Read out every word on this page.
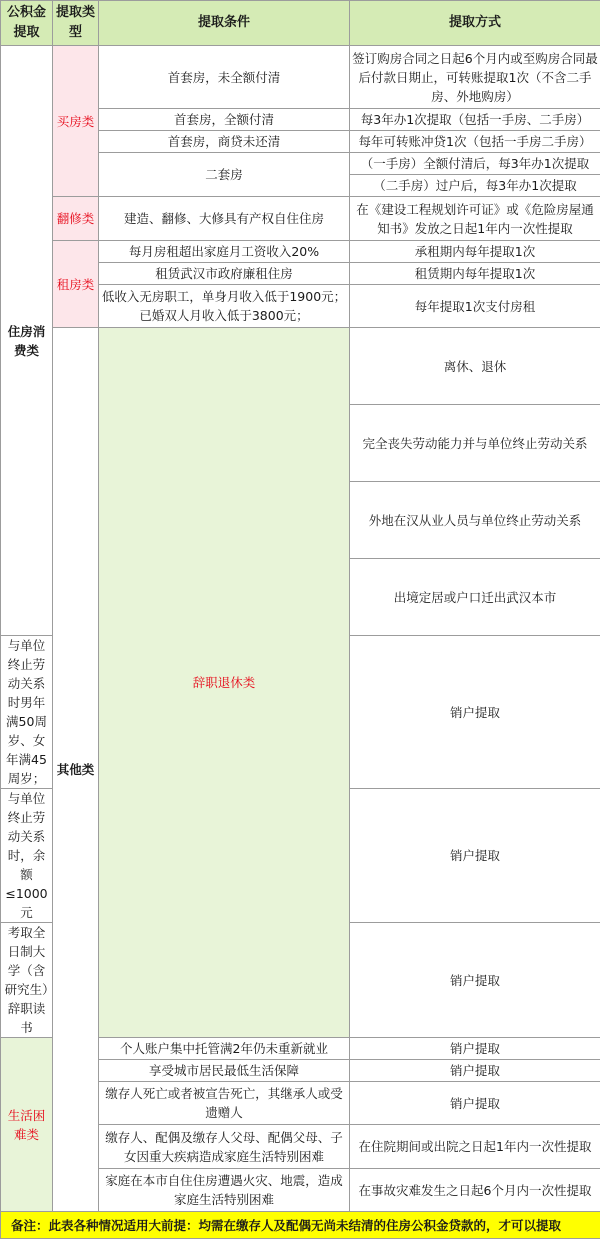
公积金提取	提取类型	提取条件	提取方式	
住房消费类	买房类	首套房，未全额付清	签订购房合同之日起6个月内或至购房合同最后付款日期止，可转账提取1次（不含二手房、外地购房）	
		首套房，全额付清	每3年办1次提取（包括一手房、二手房）	
		首套房，商贷未还清	每年可转账冲贷1次（包括一手房二手房）	
		二套房	（一手房）全额付清后，每3年办1次提取	
			（二手房）过户后，每3年办1次提取	
	翻修类	建造、翻修、大修具有产权自住住房	在《建设工程规划许可证》或《危险房屋通知书》发放之日起1年内一次性提取	
	租房类	每月房租超出家庭月工资收入20%	承租期内每年提取1次	
		租赁武汉市政府廉租住房	租赁期内每年提取1次	
		低收入无房职工，单身月收入低于1900元；已婚双人月收入低于3800元；	每年提取1次支付房租	
	其他类	辞职退休类	离休、退休	
			完全丧失劳动能力并与单位终止劳动关系	
			外地在汉从业人员与单位终止劳动关系	
			出境定居或户口迁出武汉本市	
与单位终止劳动关系时男年满50周岁、女年满45周岁；			销户提取	
与单位终止劳动关系时，余额≤1000元			销户提取	
考取全日制大学（含研究生）辞职读书			销户提取	
生活困难类		个人账户集中托管满2年仍未重新就业	销户提取	
		享受城市居民最低生活保障	销户提取	
		缴存人死亡或者被宣告死亡，其继承人或受遗赠人	销户提取	
		缴存人、配偶及缴存人父母、配偶父母、子女因重大疾病造成家庭生活特别困难	在住院期间或出院之日起1年内一次性提取	
		家庭在本市自住住房遭遇火灾、地震，造成家庭生活特别困难	在事故灾难发生之日起6个月内一次性提取	
备注：此表各种情况适用大前提：均需在缴存人及配偶无尚未结清的住房公积金贷款的，才可以提取				
